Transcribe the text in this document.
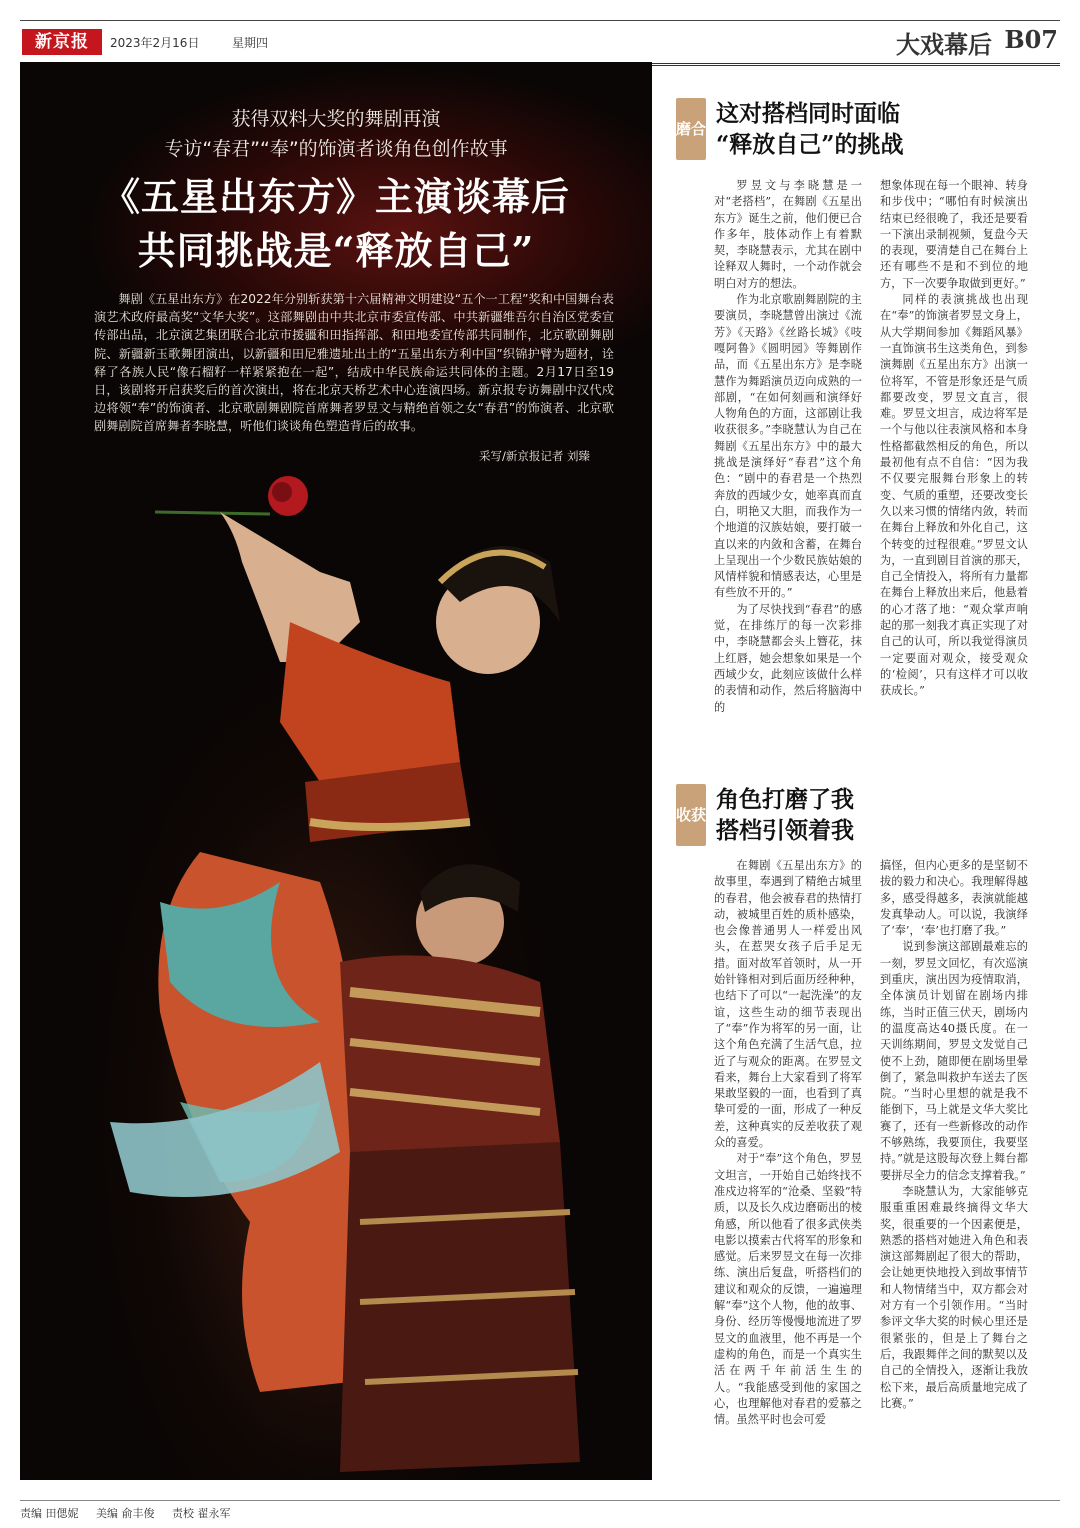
新京报	2023年2月16日	星期四	大戏幕后 B07
获得双料大奖的舞剧再演
专访“春君”“奉”的饰演者谈角色创作故事
《五星出东方》主演谈幕后
共同挑战是“释放自己”
舞剧《五星出东方》在2022年分别斩获第十六届精神文明建设“五个一工程”奖和中国舞台表演艺术政府最高奖“文华大奖”。这部舞剧由中共北京市委宣传部、中共新疆维吾尔自治区党委宣传部出品，北京演艺集团联合北京市援疆和田指挥部、和田地委宣传部共同制作，北京歌剧舞剧院、新疆新玉歌舞团演出，以新疆和田尼雅遗址出土的“五星出东方利中国”织锦护臂为题材，诠释了各族人民“像石榴籽一样紧紧抱在一起”，结成中华民族命运共同体的主题。2月17日至19日，该剧将开启获奖后的首次演出，将在北京天桥艺术中心连演四场。新京报专访舞剧中汉代戍边将领“奉”的饰演者、北京歌剧舞剧院首席舞者罗昱文与精绝首领之女“春君”的饰演者、北京歌剧舞剧院首席舞者李晓慧，听他们谈谈角色塑造背后的故事。
采写/新京报记者 刘臻
磨合
这对搭档同时面临
“释放自己”的挑战

罗昱文与李晓慧是一对“老搭档”，在舞剧《五星出东方》诞生之前，他们便已合作多年，肢体动作上有着默契，李晓慧表示，尤其在剧中诠释双人舞时，一个动作就会明白对方的想法。

作为北京歌剧舞剧院的主要演员，李晓慧曾出演过《流芳》《天路》《丝路长城》《吱嘎阿鲁》《圆明园》等舞剧作品，而《五星出东方》是李晓慧作为舞蹈演员迈向成熟的一部剧，“在如何刻画和演绎好人物角色的方面，这部剧让我收获很多。”李晓慧认为自己在舞剧《五星出东方》中的最大挑战是演绎好“春君”这个角色：“剧中的春君是一个热烈奔放的西域少女，她率真而直白，明艳又大胆，而我作为一个地道的汉族姑娘，要打破一直以来的内敛和含蓄，在舞台上呈现出一个少数民族姑娘的风情样貌和情感表达，心里是有些放不开的。”

为了尽快找到“春君”的感觉，在排练厅的每一次彩排中，李晓慧都会头上簪花，抹上红唇，她会想象如果是一个西域少女，此刻应该做什么样的表情和动作，然后将脑海中的

想象体现在每一个眼神、转身和步伐中；“哪怕有时候演出结束已经很晚了，我还是要看一下演出录制视频，复盘今天的表现，要清楚自己在舞台上还有哪些不是和不到位的地方，下一次要争取做到更好。”

同样的表演挑战也出现在“奉”的饰演者罗昱文身上，从大学期间参加《舞蹈风暴》一直饰演书生这类角色，到参演舞剧《五星出东方》出演一位将军，不管是形象还是气质都要改变，罗昱文直言，很难。罗昱文坦言，成边将军是一个与他以往表演风格和本身性格都截然相反的角色，所以最初他有点不自信：“因为我不仅要完服舞台形象上的转变、气质的重塑，还要改变长久以来习惯的情绪内敛，转而在舞台上释放和外化自己，这个转变的过程很难。”罗昱文认为，一直到剧目首演的那天，自己全情投入，将所有力量都在舞台上释放出来后，他悬着的心才落了地：“观众掌声响起的那一刻我才真正实现了对自己的认可，所以我觉得演员一定要面对观众，接受观众的‘检阅’，只有这样才可以收获成长。”

收获
角色打磨了我
搭档引领着我

在舞剧《五星出东方》的故事里，奉遇到了精绝古城里的春君，他会被春君的热情打动，被城里百姓的质朴感染，也会像普通男人一样爱出风头，在惹哭女孩子后手足无措。面对故军首领时，从一开始针锋相对到后面历经种种，也结下了可以“一起洗澡”的友谊，这些生动的细节表现出了“奉”作为将军的另一面，让这个角色充满了生活气息，拉近了与观众的距离。在罗昱文看来，舞台上大家看到了将军果敢坚毅的一面，也看到了真挚可爱的一面，形成了一种反差，这种真实的反差收获了观众的喜爱。

对于“奉”这个角色，罗昱文坦言，一开始自己始终找不准戍边将军的“沧桑、坚毅”特质，以及长久戍边磨砺出的棱角感，所以他看了很多武侠类电影以摸索古代将军的形象和感觉。后来罗昱文在每一次排练、演出后复盘，听搭档们的建议和观众的反馈，一遍遍理解“奉”这个人物，他的故事、身份、经历等慢慢地流进了罗昱文的血液里，他不再是一个虚构的角色，而是一个真实生活在两千年前活生生的人。“我能感受到他的家国之心，也理解他对春君的爱慕之情。虽然平时也会可爱

搞怪，但内心更多的是坚韧不拔的毅力和决心。我理解得越多，感受得越多，表演就能越发真挚动人。可以说，我演绎了‘奉’，‘奉’也打磨了我。”

说到参演这部剧最难忘的一刻，罗昱文回忆，有次巡演到重庆，演出因为疫情取消，全体演员计划留在剧场内排练，当时正值三伏天，剧场内的温度高达40摄氏度。在一天训练期间，罗昱文发觉自己使不上劲，随即便在剧场里晕倒了，紧急叫救护车送去了医院。“当时心里想的就是我不能倒下，马上就是文华大奖比赛了，还有一些新修改的动作不够熟练，我要顶住，我要坚持。”就是这股每次登上舞台都要拼尽全力的信念支撑着我。”

李晓慧认为，大家能够克服重重困难最终摘得文华大奖，很重要的一个因素便是，熟悉的搭档对她进入角色和表演这部舞剧起了很大的帮助，会让她更快地投入到故事情节和人物情绪当中，双方都会对对方有一个引领作用。“当时参评文华大奖的时候心里还是很紧张的，但是上了舞台之后，我跟舞伴之间的默契以及自己的全情投入，逐渐让我放松下来，最后高质量地完成了比赛。”

责编 田偲妮 美编 俞丰俊 责校 翟永军
